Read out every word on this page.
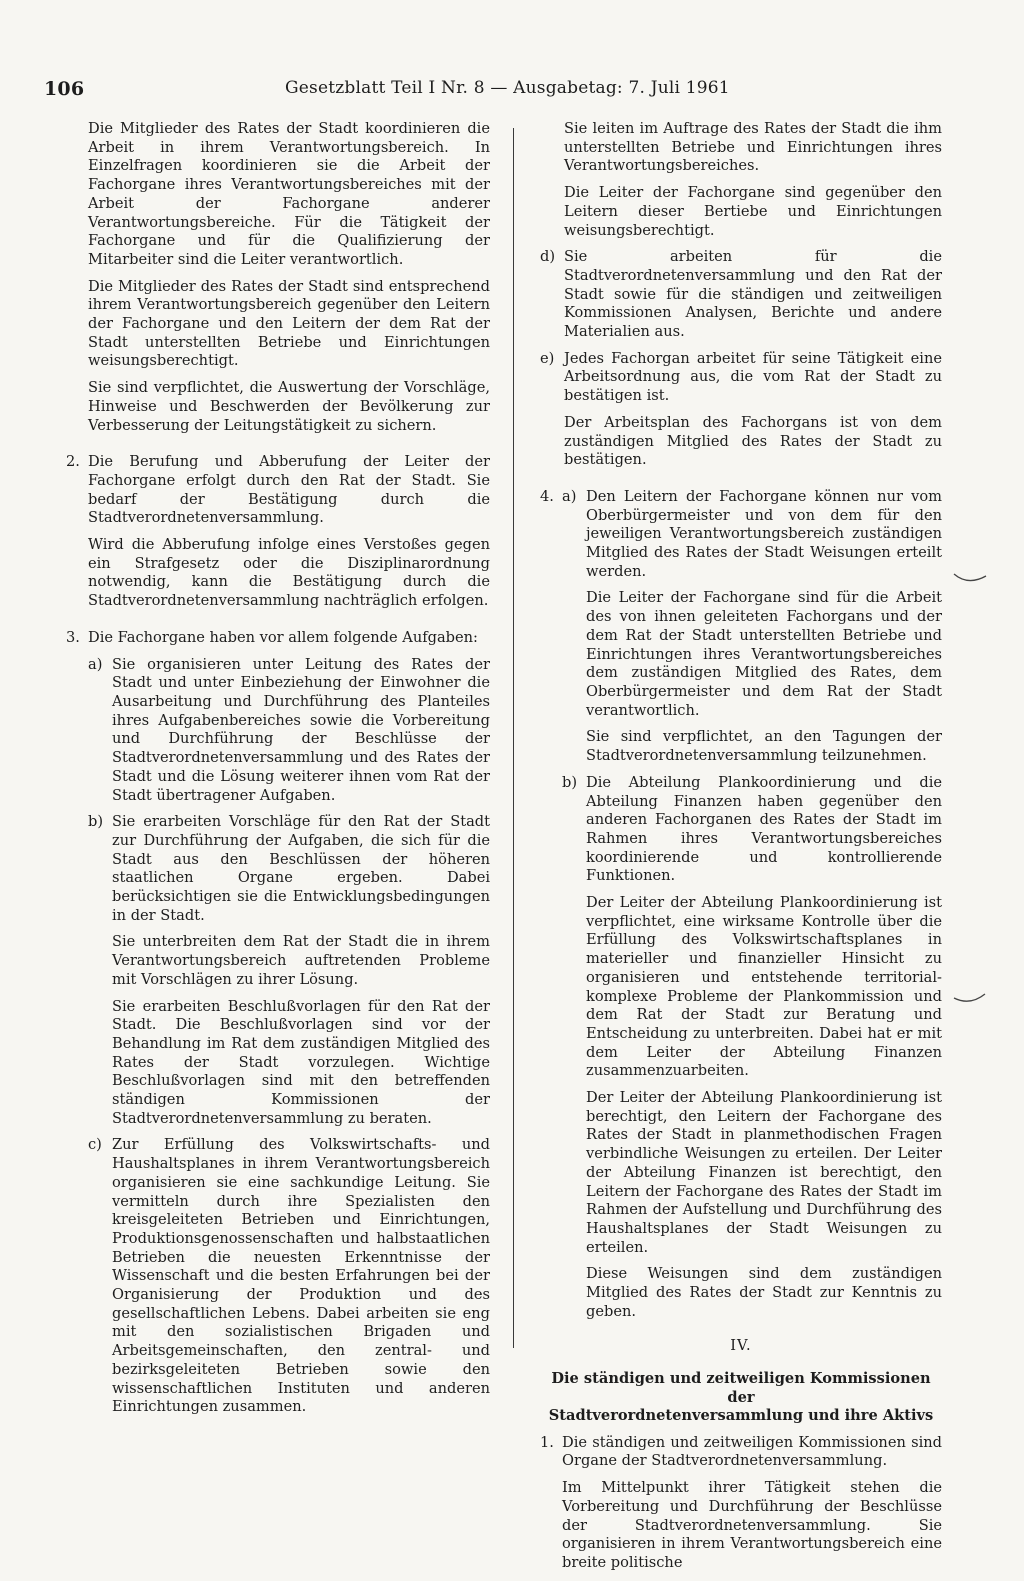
106	Gesetzblatt Teil I Nr. 8 — Ausgabetag: 7. Juli 1961

Die Mitglieder des Rates der Stadt koordinieren die Arbeit in ihrem Verantwortungsbereich. In Einzelfragen koordinieren sie die Arbeit der Fachorgane ihres Verantwortungsbereiches mit der Arbeit der Fachorgane anderer Verantwortungsbereiche. Für die Tätigkeit der Fachorgane und für die Qualifizierung der Mitarbeiter sind die Leiter verantwortlich.

Die Mitglieder des Rates der Stadt sind entsprechend ihrem Verantwortungsbereich gegenüber den Leitern der Fachorgane und den Leitern der dem Rat der Stadt unterstellten Betriebe und Einrichtungen weisungsberechtigt.

Sie sind verpflichtet, die Auswertung der Vorschläge, Hinweise und Beschwerden der Bevölkerung zur Verbesserung der Leitungstätigkeit zu sichern.

2. Die Berufung und Abberufung der Leiter der Fachorgane erfolgt durch den Rat der Stadt. Sie bedarf der Bestätigung durch die Stadtverordnetenversammlung.

Wird die Abberufung infolge eines Verstoßes gegen ein Strafgesetz oder die Disziplinarordnung notwendig, kann die Bestätigung durch die Stadtverordnetenversammlung nachträglich erfolgen.

3. Die Fachorgane haben vor allem folgende Aufgaben:

a) Sie organisieren unter Leitung des Rates der Stadt und unter Einbeziehung der Einwohner die Ausarbeitung und Durchführung des Planteiles ihres Aufgabenbereiches sowie die Vorbereitung und Durchführung der Beschlüsse der Stadtverordnetenversammlung und des Rates der Stadt und die Lösung weiterer ihnen vom Rat der Stadt übertragener Aufgaben.

b) Sie erarbeiten Vorschläge für den Rat der Stadt zur Durchführung der Aufgaben, die sich für die Stadt aus den Beschlüssen der höheren staatlichen Organe ergeben. Dabei berücksichtigen sie die Entwicklungsbedingungen in der Stadt.

Sie unterbreiten dem Rat der Stadt die in ihrem Verantwortungsbereich auftretenden Probleme mit Vorschlägen zu ihrer Lösung.

Sie erarbeiten Beschlußvorlagen für den Rat der Stadt. Die Beschlußvorlagen sind vor der Behandlung im Rat dem zuständigen Mitglied des Rates der Stadt vorzulegen. Wichtige Beschlußvorlagen sind mit den betreffenden ständigen Kommissionen der Stadtverordnetenversammlung zu beraten.

c) Zur Erfüllung des Volkswirtschafts- und Haushaltsplanes in ihrem Verantwortungsbereich organisieren sie eine sachkundige Leitung. Sie vermitteln durch ihre Spezialisten den kreisgeleiteten Betrieben und Einrichtungen, Produktionsgenossenschaften und halbstaatlichen Betrieben die neuesten Erkenntnisse der Wissenschaft und die besten Erfahrungen bei der Organisierung der Produktion und des gesellschaftlichen Lebens. Dabei arbeiten sie eng mit den sozialistischen Brigaden und Arbeitsgemeinschaften, den zentral- und bezirksgeleiteten Betrieben sowie den wissenschaftlichen Instituten und anderen Einrichtungen zusammen.

Sie leiten im Auftrage des Rates der Stadt die ihm unterstellten Betriebe und Einrichtungen ihres Verantwortungsbereiches.

Die Leiter der Fachorgane sind gegenüber den Leitern dieser Bertiebe und Einrichtungen weisungsberechtigt.

d) Sie arbeiten für die Stadtverordnetenversammlung und den Rat der Stadt sowie für die ständigen und zeitweiligen Kommissionen Analysen, Berichte und andere Materialien aus.

e) Jedes Fachorgan arbeitet für seine Tätigkeit eine Arbeitsordnung aus, die vom Rat der Stadt zu bestätigen ist.

Der Arbeitsplan des Fachorgans ist von dem zuständigen Mitglied des Rates der Stadt zu bestätigen.

4. a) Den Leitern der Fachorgane können nur vom Oberbürgermeister und von dem für den jeweiligen Verantwortungsbereich zuständigen Mitglied des Rates der Stadt Weisungen erteilt werden.

Die Leiter der Fachorgane sind für die Arbeit des von ihnen geleiteten Fachorgans und der dem Rat der Stadt unterstellten Betriebe und Einrichtungen ihres Verantwortungsbereiches dem zuständigen Mitglied des Rates, dem Oberbürgermeister und dem Rat der Stadt verantwortlich.

Sie sind verpflichtet, an den Tagungen der Stadtverordnetenversammlung teilzunehmen.

b) Die Abteilung Plankoordinierung und die Abteilung Finanzen haben gegenüber den anderen Fachorganen des Rates der Stadt im Rahmen ihres Verantwortungsbereiches koordinierende und kontrollierende Funktionen.

Der Leiter der Abteilung Plankoordinierung ist verpflichtet, eine wirksame Kontrolle über die Erfüllung des Volkswirtschaftsplanes in materieller und finanzieller Hinsicht zu organisieren und entstehende territorial-komplexe Probleme der Plankommission und dem Rat der Stadt zur Beratung und Entscheidung zu unterbreiten. Dabei hat er mit dem Leiter der Abteilung Finanzen zusammenzuarbeiten.

Der Leiter der Abteilung Plankoordinierung ist berechtigt, den Leitern der Fachorgane des Rates der Stadt in planmethodischen Fragen verbindliche Weisungen zu erteilen. Der Leiter der Abteilung Finanzen ist berechtigt, den Leitern der Fachorgane des Rates der Stadt im Rahmen der Aufstellung und Durchführung des Haushaltsplanes der Stadt Weisungen zu erteilen.

Diese Weisungen sind dem zuständigen Mitglied des Rates der Stadt zur Kenntnis zu geben.

IV.
Die ständigen und zeitweiligen Kommissionen der
Stadtverordnetenversammlung und ihre Aktivs
1. Die ständigen und zeitweiligen Kommissionen sind Organe der Stadtverordnetenversammlung.

Im Mittelpunkt ihrer Tätigkeit stehen die Vorbereitung und Durchführung der Beschlüsse der Stadtverordnetenversammlung. Sie organisieren in ihrem Verantwortungsbereich eine breite politische
